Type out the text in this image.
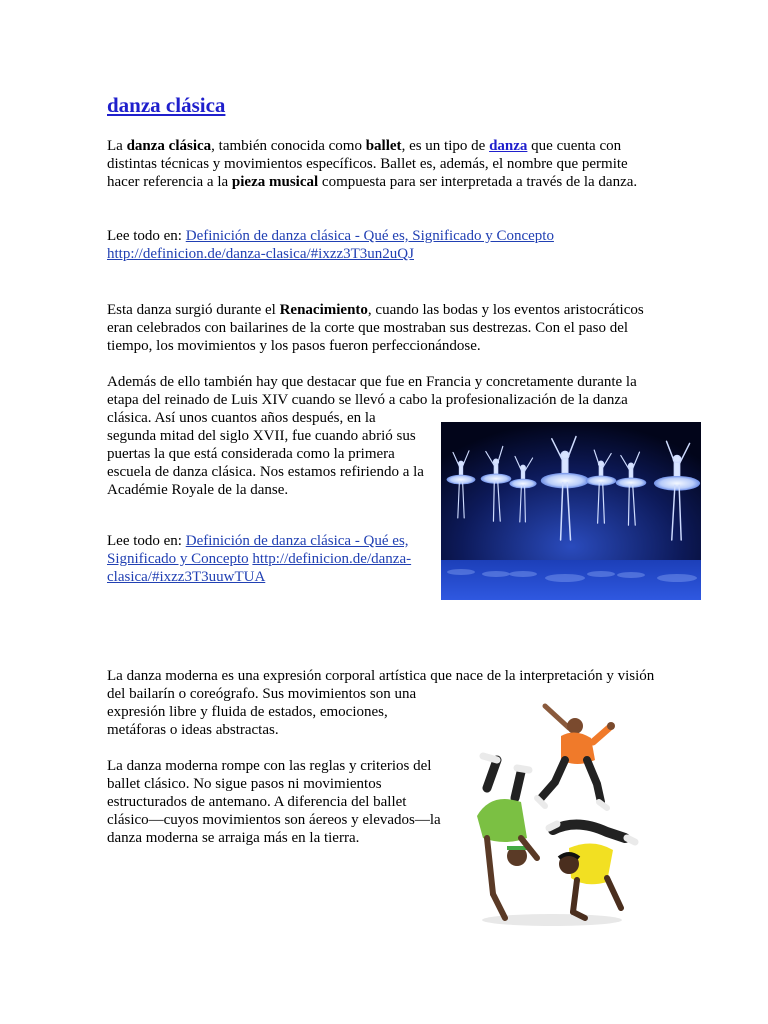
danza clásica
La danza clásica, también conocida como ballet, es un tipo de danza que cuenta con
distintas técnicas y movimientos específicos. Ballet es, además, el nombre que permite
hacer referencia a la pieza musical compuesta para ser interpretada a través de la danza.
Lee todo en: Definición de danza clásica - Qué es, Significado y Concepto
http://definicion.de/danza-clasica/#ixzz3T3un2uQJ
Esta danza surgió durante el Renacimiento, cuando las bodas y los eventos aristocráticos
eran celebrados con bailarines de la corte que mostraban sus destrezas. Con el paso del
tiempo, los movimientos y los pasos fueron perfeccionándose.
Además de ello también hay que destacar que fue en Francia y concretamente durante la
etapa del reinado de Luis XIV cuando se llevó a cabo la profesionalización de la danza
clásica. Así unos cuantos años después, en la
segunda mitad del siglo XVII, fue cuando abrió sus
puertas la que está considerada como la primera
escuela de danza clásica. Nos estamos refiriendo a la
Académie Royale de la danse.
Lee todo en: Definición de danza clásica - Qué es,
Significado y Concepto http://definicion.de/danza-
clasica/#ixzz3T3uuwTUA
La danza moderna es una expresión corporal artística que nace de la interpretación y visión
del bailarín o coreógrafo. Sus movimientos son una
expresión libre y fluida de estados, emociones,
metáforas o ideas abstractas.
La danza moderna rompe con las reglas y criterios del
ballet clásico. No sigue pasos ni movimientos
estructurados de antemano. A diferencia del ballet
clásico—cuyos movimientos son áereos y elevados—la
danza moderna se arraiga más en la tierra.
